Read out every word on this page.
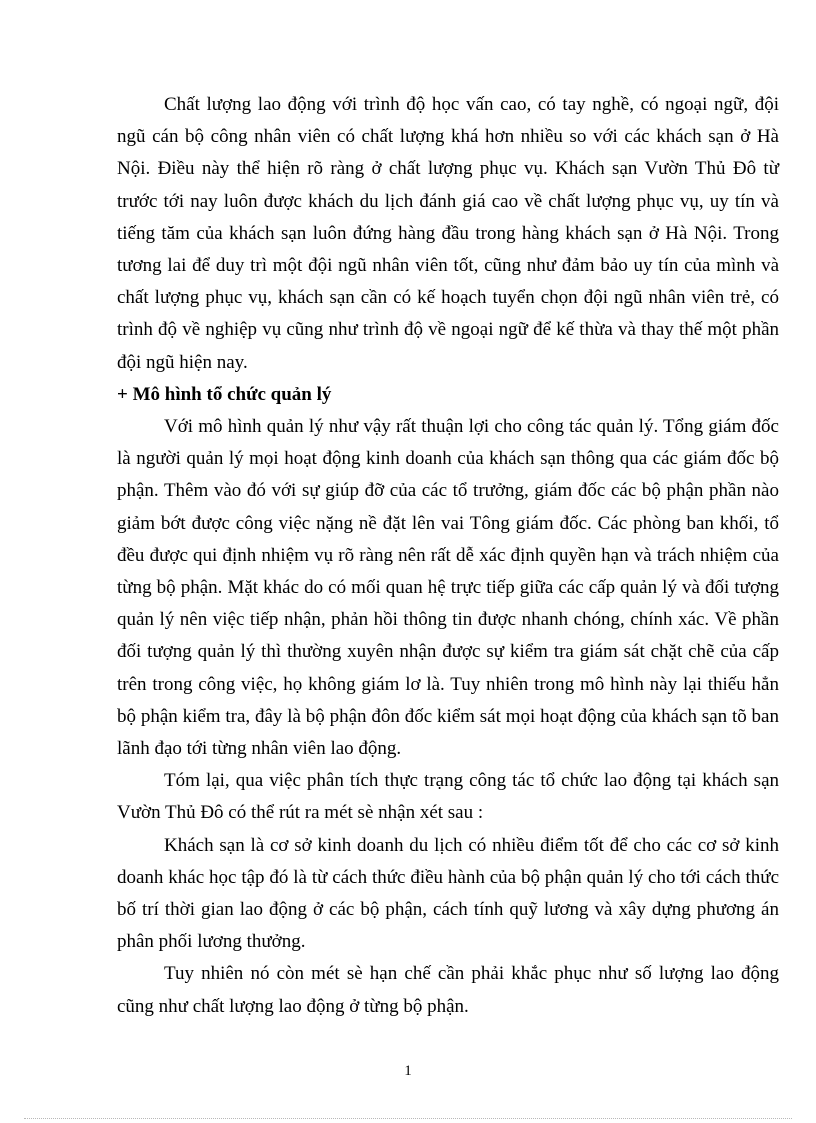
Chất lượng lao động với trình độ học vấn cao, có tay nghề, có ngoại ngữ, đội ngũ cán bộ công nhân viên có chất lượng khá hơn nhiều so với các khách sạn ở Hà Nội. Điều này thể hiện rõ ràng ở chất lượng phục vụ. Khách sạn Vườn Thủ Đô từ trước tới nay luôn được khách du lịch đánh giá cao về chất lượng phục vụ, uy tín và tiếng tăm của khách sạn luôn đứng hàng đầu trong hàng khách sạn ở Hà Nội. Trong tương lai để duy trì một đội ngũ nhân viên tốt, cũng như đảm bảo uy tín của mình và chất lượng phục vụ, khách sạn cần có kế hoạch tuyển chọn đội ngũ nhân viên trẻ, có trình độ về nghiệp vụ cũng như trình độ về ngoại ngữ để kế thừa và thay thế một phần đội ngũ hiện nay.

+ Mô hình tổ chức quản lý

Với mô hình quản lý như vậy rất thuận lợi cho công tác quản lý. Tổng giám đốc là người quản lý mọi hoạt động kinh doanh của khách sạn thông qua các giám đốc bộ phận. Thêm vào đó với sự giúp đỡ của các tổ trưởng, giám đốc các bộ phận phần nào giảm bớt được công việc nặng nề đặt lên vai Tông giám đốc. Các phòng ban khối, tổ đều được qui định nhiệm vụ rõ ràng nên rất dễ xác định quyền hạn và trách nhiệm của từng bộ phận. Mặt khác do có mối quan hệ trực tiếp giữa các cấp quản lý và đối tượng quản lý nên việc tiếp nhận, phản hồi thông tin được nhanh chóng, chính xác. Về phần đối tượng quản lý thì thường xuyên nhận được sự kiểm tra giám sát chặt chẽ của cấp trên trong công việc, họ không giám lơ là. Tuy nhiên trong mô hình này lại thiếu hẳn bộ phận kiểm tra, đây là bộ phận đôn đốc kiểm sát mọi hoạt động của khách sạn tõ ban lãnh đạo tới từng nhân viên lao động.

Tóm lại, qua việc phân tích thực trạng công tác tổ chức lao động tại khách sạn Vườn Thủ Đô có thể rút ra mét sè nhận xét sau :

Khách sạn là cơ sở kinh doanh du lịch có nhiều điểm tốt để cho các cơ sở kinh doanh khác học tập đó là từ cách thức điều hành của bộ phận quản lý cho tới cách thức bố trí thời gian lao động ở các bộ phận, cách tính quỹ lương và xây dựng phương án phân phối lương thưởng.

Tuy nhiên nó còn mét sè hạn chế cần phải khắc phục như số lượng lao động cũng như chất lượng lao động ở từng bộ phận.

1
